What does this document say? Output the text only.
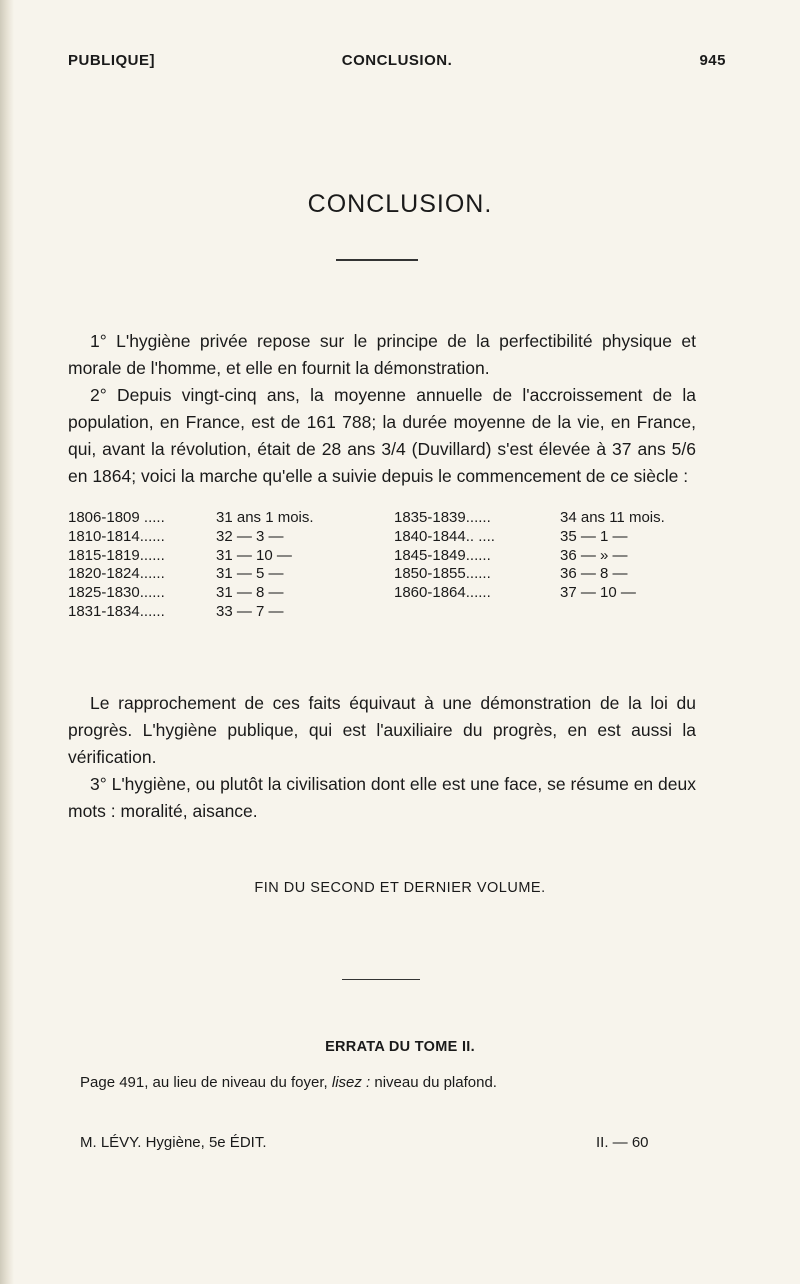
PUBLIQUE]	CONCLUSION.	945
CONCLUSION.

1° L'hygiène privée repose sur le principe de la perfectibilité physique et morale de l'homme, et elle en fournit la démonstration.

2° Depuis vingt-cinq ans, la moyenne annuelle de l'accroissement de la population, en France, est de 161 788; la durée moyenne de la vie, en France, qui, avant la révolution, était de 28 ans 3/4 (Duvillard) s'est élevée à 37 ans 5/6 en 1864; voici la marche qu'elle a suivie depuis le commencement de ce siècle :

1806-1809 .....	31 ans 1 mois.
1810-1814......	32 — 3 —
1815-1819......	31 — 10 —
1820-1824......	31 — 5 —
1825-1830......	31 — 8 —
1831-1834......	33 — 7 —
1835-1839......	34 ans 11 mois.
1840-1844.. ....	35 — 1 —
1845-1849......	36 — » —
1850-1855......	36 — 8 —
1860-1864......	37 — 10 —

Le rapprochement de ces faits équivaut à une démonstration de la loi du progrès. L'hygiène publique, qui est l'auxiliaire du progrès, en est aussi la vérification.

3° L'hygiène, ou plutôt la civilisation dont elle est une face, se résume en deux mots : moralité, aisance.

FIN DU SECOND ET DERNIER VOLUME.
ERRATA DU TOME II.
Page 491, au lieu de niveau du foyer, lisez : niveau du plafond.
M. LÉVY. Hygiène, 5e ÉDIT.	II. — 60
